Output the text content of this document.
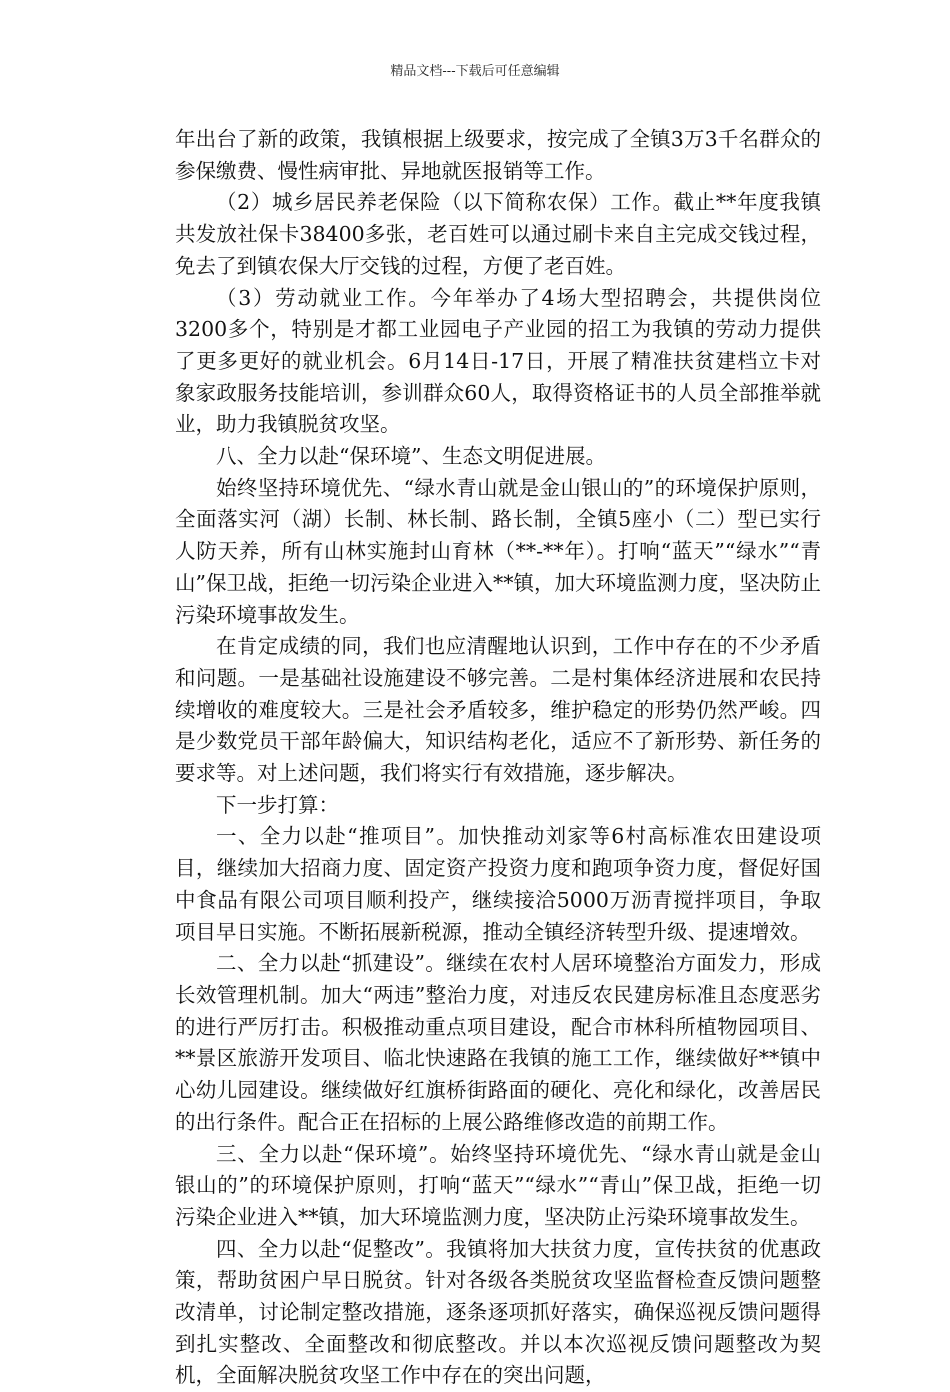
精品文档---下载后可任意编辑

年出台了新的政策，我镇根据上级要求，按完成了全镇3万3千名群众的参保缴费、慢性病审批、异地就医报销等工作。

（2）城乡居民养老保险（以下简称农保）工作。截止**年度我镇共发放社保卡38400多张，老百姓可以通过刷卡来自主完成交钱过程，免去了到镇农保大厅交钱的过程，方便了老百姓。

（3）劳动就业工作。今年举办了4场大型招聘会，共提供岗位3200多个，特别是才都工业园电子产业园的招工为我镇的劳动力提供了更多更好的就业机会。6月14日-17日，开展了精准扶贫建档立卡对象家政服务技能培训，参训群众60人，取得资格证书的人员全部推举就业，助力我镇脱贫攻坚。

八、全力以赴“保环境”、生态文明促进展。

始终坚持环境优先、“绿水青山就是金山银山的”的环境保护原则，全面落实河（湖）长制、林长制、路长制，全镇5座小（二）型已实行人防天养，所有山林实施封山育林（**-**年）。打响“蓝天”“绿水”“青山”保卫战，拒绝一切污染企业进入**镇，加大环境监测力度，坚决防止污染环境事故发生。

在肯定成绩的同，我们也应清醒地认识到，工作中存在的不少矛盾和问题。一是基础社设施建设不够完善。二是村集体经济进展和农民持续增收的难度较大。三是社会矛盾较多，维护稳定的形势仍然严峻。四是少数党员干部年龄偏大，知识结构老化，适应不了新形势、新任务的要求等。对上述问题，我们将实行有效措施，逐步解决。

下一步打算：

一、全力以赴“推项目”。加快推动刘家等6村高标准农田建设项目，继续加大招商力度、固定资产投资力度和跑项争资力度，督促好国中食品有限公司项目顺利投产，继续接洽5000万沥青搅拌项目，争取项目早日实施。不断拓展新税源，推动全镇经济转型升级、提速增效。

二、全力以赴“抓建设”。继续在农村人居环境整治方面发力，形成长效管理机制。加大“两违”整治力度，对违反农民建房标准且态度恶劣的进行严厉打击。积极推动重点项目建设，配合市林科所植物园项目、**景区旅游开发项目、临北快速路在我镇的施工工作，继续做好**镇中心幼儿园建设。继续做好红旗桥街路面的硬化、亮化和绿化，改善居民的出行条件。配合正在招标的上展公路维修改造的前期工作。

三、全力以赴“保环境”。始终坚持环境优先、“绿水青山就是金山银山的”的环境保护原则，打响“蓝天”“绿水”“青山”保卫战，拒绝一切污染企业进入**镇，加大环境监测力度，坚决防止污染环境事故发生。

四、全力以赴“促整改”。我镇将加大扶贫力度，宣传扶贫的优惠政策，帮助贫困户早日脱贫。针对各级各类脱贫攻坚监督检查反馈问题整改清单，讨论制定整改措施，逐条逐项抓好落实，确保巡视反馈问题得到扎实整改、全面整改和彻底整改。并以本次巡视反馈问题整改为契机，全面解决脱贫攻坚工作中存在的突出问题，
